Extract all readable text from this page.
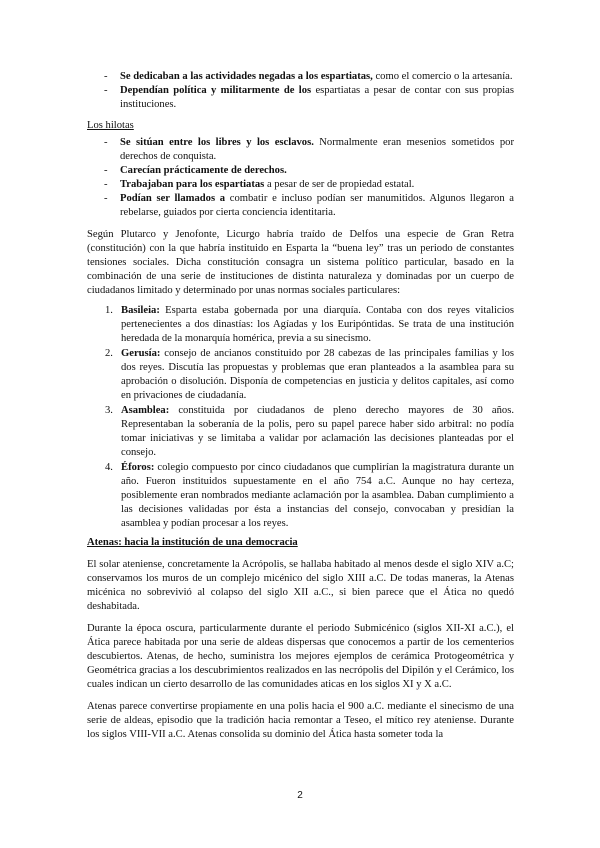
- Se dedicaban a las actividades negadas a los espartiatas, como el comercio o la artesanía.
- Dependían política y militarmente de los espartiatas a pesar de contar con sus propias instituciones.

Los hilotas

- Se sitúan entre los libres y los esclavos. Normalmente eran mesenios sometidos por derechos de conquista.
- Carecían prácticamente de derechos.
- Trabajaban para los espartiatas a pesar de ser de propiedad estatal.
- Podían ser llamados a combatir e incluso podían ser manumitidos. Algunos llegaron a rebelarse, guiados por cierta conciencia identitaria.

Según Plutarco y Jenofonte, Licurgo habría traído de Delfos una especie de Gran Retra (constitución) con la que habría instituido en Esparta la “buena ley” tras un periodo de constantes tensiones sociales. Dicha constitución consagra un sistema político particular, basado en la combinación de una serie de instituciones de distinta naturaleza y dominadas por un cuerpo de ciudadanos limitado y determinado por unas normas sociales particulares:

1. Basileia: Esparta estaba gobernada por una diarquía. Contaba con dos reyes vitalicios pertenecientes a dos dinastías: los Agíadas y los Euripóntidas. Se trata de una institución heredada de la monarquía homérica, previa a su sinecismo.
2. Gerusía: consejo de ancianos constituido por 28 cabezas de las principales familias y los dos reyes. Discutía las propuestas y problemas que eran planteados a la asamblea para su aprobación o disolución. Disponía de competencias en justicia y delitos capitales, así como en privaciones de ciudadanía.
3. Asamblea: constituida por ciudadanos de pleno derecho mayores de 30 años. Representaban la soberanía de la polis, pero su papel parece haber sido arbitral: no podía tomar iniciativas y se limitaba a validar por aclamación las decisiones planteadas por el consejo.
4. Éforos: colegio compuesto por cinco ciudadanos que cumplirían la magistratura durante un año. Fueron instituidos supuestamente en el año 754 a.C. Aunque no hay certeza, posiblemente eran nombrados mediante aclamación por la asamblea. Daban cumplimiento a las decisiones validadas por ésta a instancias del consejo, convocaban y presidían la asamblea y podían procesar a los reyes.

Atenas: hacia la institución de una democracia

El solar ateniense, concretamente la Acrópolis, se hallaba habitado al menos desde el siglo XIV a.C; conservamos los muros de un complejo micénico del siglo XIII a.C. De todas maneras, la Atenas micénica no sobrevivió al colapso del siglo XII a.C., si bien parece que el Ática no quedó deshabitada.

Durante la época oscura, particularmente durante el periodo Submicénico (siglos XII-XI a.C.), el Ática parece habitada por una serie de aldeas dispersas que conocemos a partir de los cementerios descubiertos. Atenas, de hecho, suministra los mejores ejemplos de cerámica Protogeométrica y Geométrica gracias a los descubrimientos realizados en las necrópolis del Dipilón y el Cerámico, los cuales indican un cierto desarrollo de las comunidades aticas en los siglos XI y X a.C.

Atenas parece convertirse propiamente en una polis hacia el 900 a.C. mediante el sinecismo de una serie de aldeas, episodio que la tradición hacia remontar a Teseo, el mítico rey ateniense. Durante los siglos VIII-VII a.C. Atenas consolida su dominio del Ática hasta someter toda la

2
